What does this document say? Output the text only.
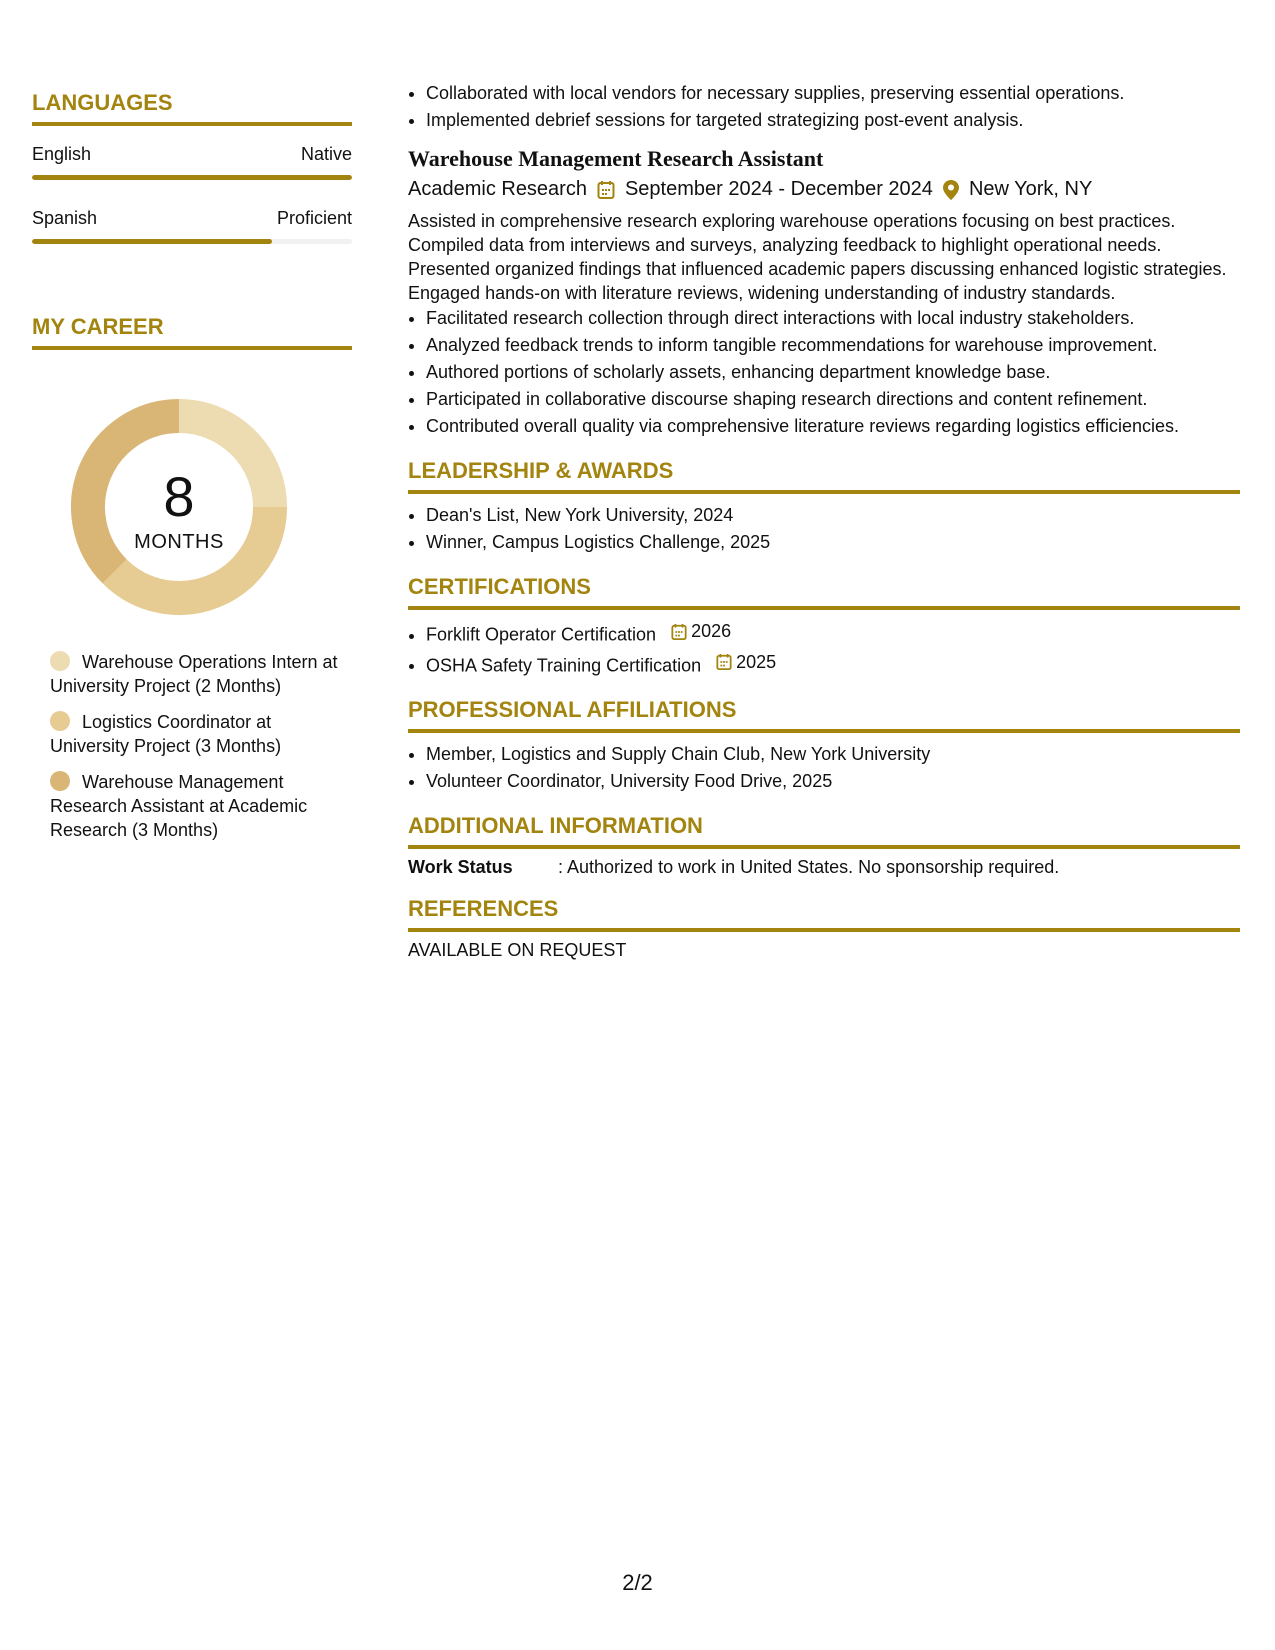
LANGUAGES
English	Native
Spanish	Proficient
MY CAREER
8
MONTHS
Warehouse Operations Intern at University Project (2 Months)
Logistics Coordinator at University Project (3 Months)
Warehouse Management Research Assistant at Academic Research (3 Months)
• Collaborated with local vendors for necessary supplies, preserving essential operations.
• Implemented debrief sessions for targeted strategizing post-event analysis.
Warehouse Management Research Assistant
Academic Research September 2024 - December 2024 New York, NY
Assisted in comprehensive research exploring warehouse operations focusing on best practices. Compiled data from interviews and surveys, analyzing feedback to highlight operational needs. Presented organized findings that influenced academic papers discussing enhanced logistic strategies. Engaged hands-on with literature reviews, widening understanding of industry standards.
• Facilitated research collection through direct interactions with local industry stakeholders.
• Analyzed feedback trends to inform tangible recommendations for warehouse improvement.
• Authored portions of scholarly assets, enhancing department knowledge base.
• Participated in collaborative discourse shaping research directions and content refinement.
• Contributed overall quality via comprehensive literature reviews regarding logistics efficiencies.
LEADERSHIP & AWARDS
• Dean's List, New York University, 2024
• Winner, Campus Logistics Challenge, 2025
CERTIFICATIONS
• Forklift Operator Certification 2026
• OSHA Safety Training Certification 2025
PROFESSIONAL AFFILIATIONS
• Member, Logistics and Supply Chain Club, New York University
• Volunteer Coordinator, University Food Drive, 2025
ADDITIONAL INFORMATION
Work Status	: Authorized to work in United States. No sponsorship required.
REFERENCES
AVAILABLE ON REQUEST
2/2
